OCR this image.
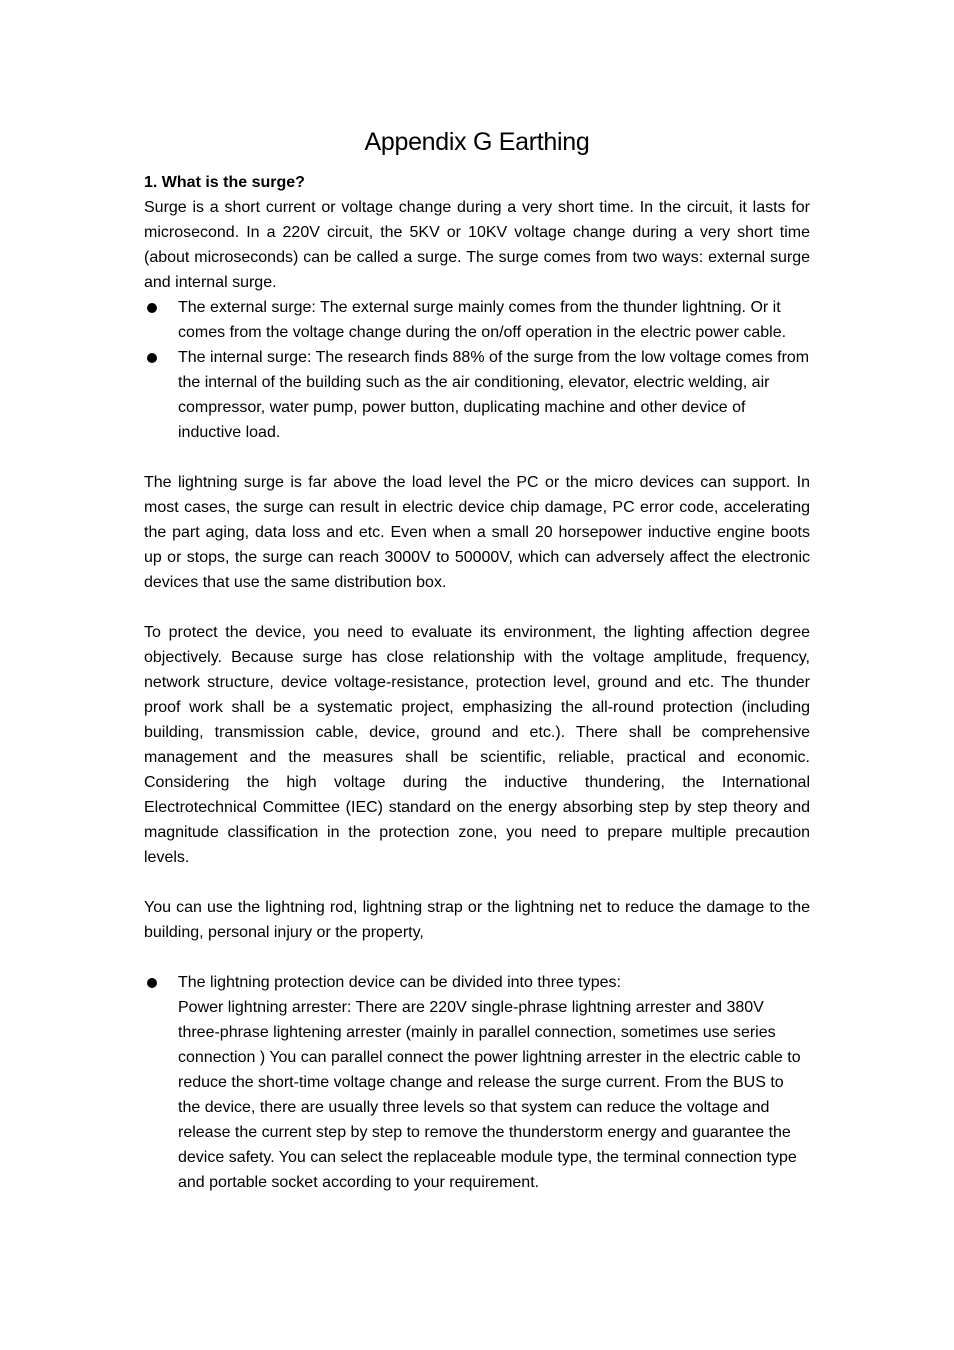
Appendix G Earthing

1. What is the surge?

Surge is a short current or voltage change during a very short time. In the circuit, it lasts for microsecond. In a 220V circuit, the 5KV or 10KV voltage change during a very short time (about microseconds) can be called a surge. The surge comes from two ways: external surge and internal surge.

The external surge: The external surge mainly comes from the thunder lightning. Or it comes from the voltage change during the on/off operation in the electric power cable.
The internal surge: The research finds 88% of the surge from the low voltage comes from the internal of the building such as the air conditioning, elevator, electric welding, air compressor, water pump, power button, duplicating machine and other device of inductive load.

The lightning surge is far above the load level the PC or the micro devices can support. In most cases, the surge can result in electric device chip damage, PC error code, accelerating the part aging, data loss and etc. Even when a small 20 horsepower inductive engine boots up or stops, the surge can reach 3000V to 50000V, which can adversely affect the electronic devices that use the same distribution box.

To protect the device, you need to evaluate its environment, the lighting affection degree objectively. Because surge has close relationship with the voltage amplitude, frequency, network structure, device voltage-resistance, protection level, ground and etc. The thunder proof work shall be a systematic project, emphasizing the all-round protection (including building, transmission cable, device, ground and etc.). There shall be comprehensive management and the measures shall be scientific, reliable, practical and economic. Considering the high voltage during the inductive thundering, the International Electrotechnical Committee (IEC) standard on the energy absorbing step by step theory and magnitude classification in the protection zone, you need to prepare multiple precaution levels.

You can use the lightning rod, lightning strap or the lightning net to reduce the damage to the building, personal injury or the property,

The lightning protection device can be divided into three types:
Power lightning arrester: There are 220V single-phrase lightning arrester and 380V three-phrase lightening arrester (mainly in parallel connection, sometimes use series connection ) You can parallel connect the power lightning arrester in the electric cable to reduce the short-time voltage change and release the surge current. From the BUS to the device, there are usually three levels so that system can reduce the voltage and release the current step by step to remove the thunderstorm energy and guarantee the device safety. You can select the replaceable module type, the terminal connection type and portable socket according to your requirement.
